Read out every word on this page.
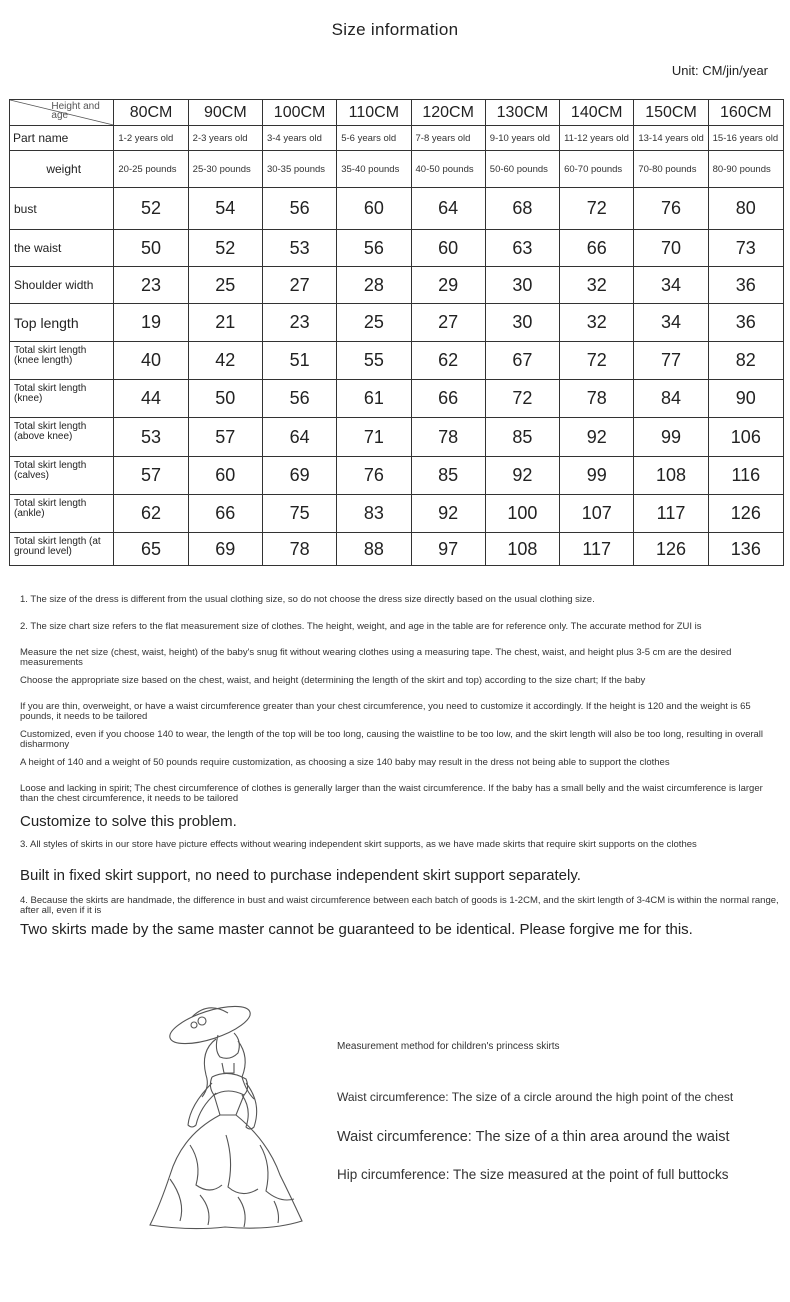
Size information
Unit: CM/jin/year
Height and age	80CM	90CM	100CM	110CM	120CM	130CM	140CM	150CM	160CM
Part name	1-2 years old	2-3 years old	3-4 years old	5-6 years old	7-8 years old	9-10 years old	11-12 years old	13-14 years old	15-16 years old
weight	20-25 pounds	25-30 pounds	30-35 pounds	35-40 pounds	40-50 pounds	50-60 pounds	60-70 pounds	70-80 pounds	80-90 pounds
bust	52	54	56	60	64	68	72	76	80
the waist	50	52	53	56	60	63	66	70	73
Shoulder width	23	25	27	28	29	30	32	34	36
Top length	19	21	23	25	27	30	32	34	36
Total skirt length (knee length)	40	42	51	55	62	67	72	77	82
Total skirt length (knee)	44	50	56	61	66	72	78	84	90
Total skirt length (above knee)	53	57	64	71	78	85	92	99	106
Total skirt length (calves)	57	60	69	76	85	92	99	108	116
Total skirt length (ankle)	62	66	75	83	92	100	107	117	126
Total skirt length (at ground level)	65	69	78	88	97	108	117	126	136
1. The size of the dress is different from the usual clothing size, so do not choose the dress size directly based on the usual clothing size.
2. The size chart size refers to the flat measurement size of clothes. The height, weight, and age in the table are for reference only. The accurate method for ZUI is
Measure the net size (chest, waist, height) of the baby's snug fit without wearing clothes using a measuring tape. The chest, waist, and height plus 3-5 cm are the desired measurements
Choose the appropriate size based on the chest, waist, and height (determining the length of the skirt and top) according to the size chart; If the baby
If you are thin, overweight, or have a waist circumference greater than your chest circumference, you need to customize it accordingly. If the height is 120 and the weight is 65 pounds, it needs to be tailored
Customized, even if you choose 140 to wear, the length of the top will be too long, causing the waistline to be too low, and the skirt length will also be too long, resulting in overall disharmony
A height of 140 and a weight of 50 pounds require customization, as choosing a size 140 baby may result in the dress not being able to support the clothes
Loose and lacking in spirit; The chest circumference of clothes is generally larger than the waist circumference. If the baby has a small belly and the waist circumference is larger than the chest circumference, it needs to be tailored
Customize to solve this problem.
3. All styles of skirts in our store have picture effects without wearing independent skirt supports, as we have made skirts that require skirt supports on the clothes
Built in fixed skirt support, no need to purchase independent skirt support separately.
4. Because the skirts are handmade, the difference in bust and waist circumference between each batch of goods is 1-2CM, and the skirt length of 3-4CM is within the normal range, after all, even if it is
Two skirts made by the same master cannot be guaranteed to be identical. Please forgive me for this.
Measurement method for children's princess skirts
Waist circumference: The size of a circle around the high point of the chest
Waist circumference: The size of a thin area around the waist
Hip circumference: The size measured at the point of full buttocks
